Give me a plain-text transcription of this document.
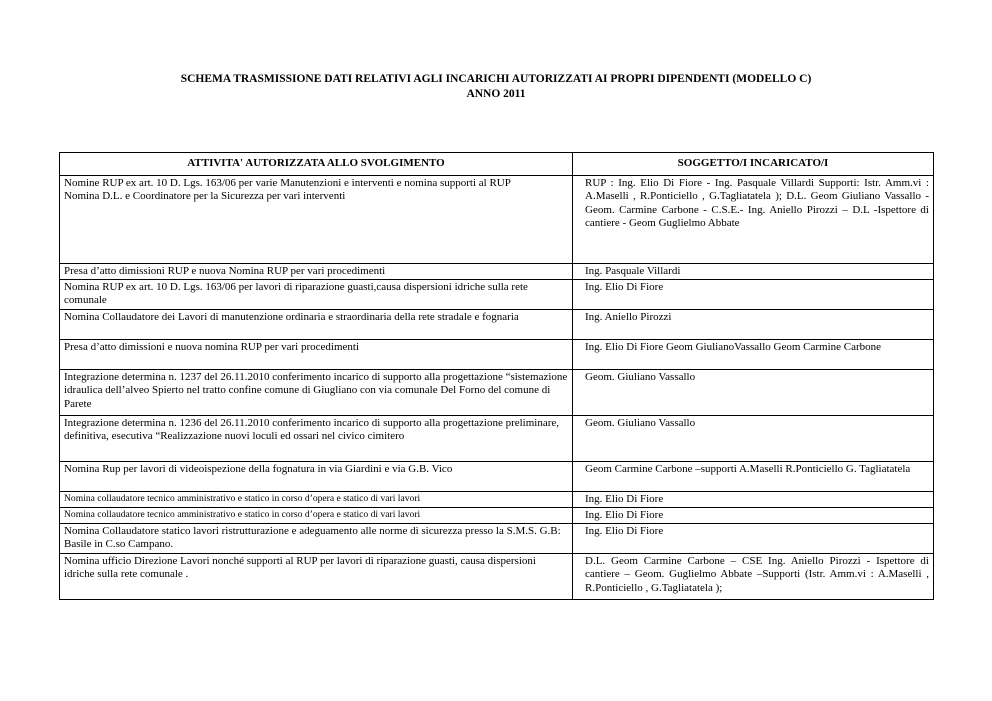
SCHEMA TRASMISSIONE DATI RELATIVI AGLI INCARICHI AUTORIZZATI AI PROPRI DIPENDENTI (MODELLO C)
ANNO 2011
ATTIVITA' AUTORIZZATA ALLO SVOLGIMENTO	SOGGETTO/I INCARICATO/I

Nomine RUP ex art. 10 D. Lgs. 163/06 per varie Manutenzioni e interventi e nomina supporti al RUP
Nomina D.L. e Coordinatore per la Sicurezza per vari interventi	RUP : Ing. Elio Di Fiore - Ing. Pasquale Villardi Supporti: Istr. Amm.vi : A.Maselli , R.Ponticiello , G.Tagliatatela ); D.L. Geom Giuliano Vassallo -Geom. Carmine Carbone - C.S.E.- Ing. Aniello Pirozzi – D.L -Ispettore di cantiere - Geom Guglielmo Abbate

Presa d’atto dimissioni RUP e nuova Nomina RUP per vari procedimenti	Ing. Pasquale Villardi

Nomina RUP ex art. 10 D. Lgs. 163/06 per lavori di riparazione guasti,causa dispersioni idriche sulla rete comunale	Ing. Elio Di Fiore

Nomina Collaudatore dei Lavori di manutenzione ordinaria e straordinaria della rete stradale e fognaria	Ing. Aniello Pirozzi

Presa d’atto dimissioni e nuova nomina RUP per vari procedimenti	Ing. Elio Di Fiore Geom GiulianoVassallo Geom Carmine Carbone

Integrazione determina n. 1237 del 26.11.2010 conferimento incarico di supporto alla progettazione “sistemazione idraulica dell’alveo Spierto nel tratto confine comune di Giugliano con via comunale Del Forno del comune di Parete	Geom. Giuliano Vassallo

Integrazione determina n. 1236 del 26.11.2010 conferimento incarico di supporto alla progettazione preliminare, definitiva, esecutiva “Realizzazione nuovi loculi ed ossari nel civico cimitero	Geom. Giuliano Vassallo

Nomina Rup per lavori di videoispezione della fognatura in via Giardini e via G.B. Vico	Geom Carmine Carbone –supporti A.Maselli R.Ponticiello G. Tagliatatela

Nomina collaudatore tecnico amministrativo e statico in corso d’opera e statico di vari lavori	Ing. Elio Di Fiore

Nomina collaudatore tecnico amministrativo e statico in corso d’opera e statico di vari lavori	Ing. Elio Di Fiore

Nomina Collaudatore statico lavori ristrutturazione e adeguamento alle norme di sicurezza presso la S.M.S. G.B: Basile in C.so Campano.	Ing. Elio Di Fiore

Nomina ufficio Direzione Lavori nonché supporti al RUP per lavori di riparazione guasti, causa dispersioni idriche sulla rete comunale .	D.L. Geom Carmine Carbone – CSE Ing. Aniello Pirozzi - Ispettore di cantiere – Geom. Guglielmo Abbate –Supporti (Istr. Amm.vi : A.Maselli , R.Ponticiello , G.Tagliatatela );
